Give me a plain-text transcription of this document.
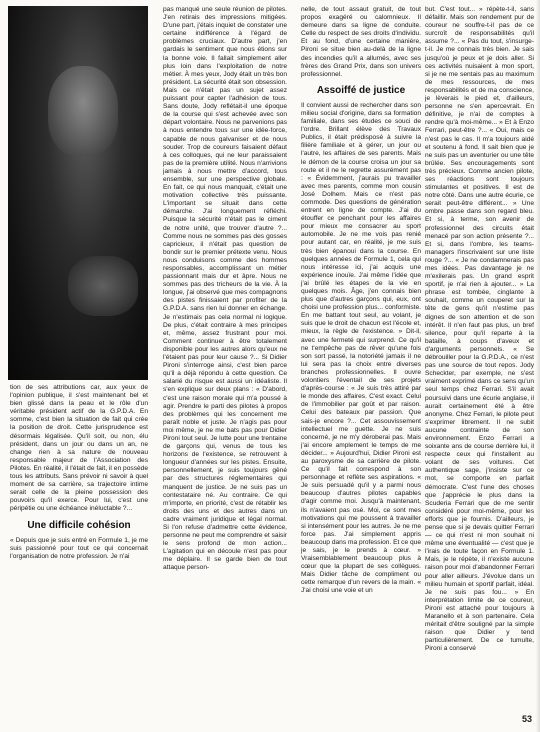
tion de ses attributions car, aux yeux de l'opinion publique, il s'est maintenant bel et bien glissé dans la peau et le rôle d'un véritable président actif de la G.P.D.A. En somme, c'est bien la situation de fait qui crée la position de droit. Cette jurisprudence est désormais légalisée. Qu'il soit, ou non, élu président, dans un jour ou dans un an, ne change rien à sa nature de nouveau responsable majeur de l'Association des Pilotes. En réalité, il l'était de fait, il en possède tous les attributs. Sans prévoir ni savoir à quel moment de sa carrière, sa trajectoire intime serait celle de la pleine possession des pouvoirs qu'il exerce. Pour lui, c'est une péripétie ou une échéance inéluctable ?...

Une difficile cohésion

« Depuis que je suis entré en Formule 1, je me suis passionné pour tout ce qui concernait l'organisation de notre profession. Je n'ai

pas manqué une seule réunion de pilotes. J'en retirais des impressions mitigées. D'une part, j'étais inquiet de constater une certaine indifférence à l'égard de problèmes cruciaux. D'autre part, j'en gardais le sentiment que nous étions sur la bonne voie. Il fallait simplement aller plus loin dans l'exploitation de notre métier. À mes yeux, Jody était un très bon président. La sécurité était son obsession. Mais ce n'était pas un sujet assez puissant pour capter l'adhésion de tous. Sans doute, Jody reflétait-il une époque de la course qui s'est achevée avec son départ volontaire. Nous ne parvenions pas à nous entendre tous sur une idée-force, capable de nous galvaniser et de nous souder. Trop de coureurs faisaient défaut à ces colloques, qui ne leur paraissaient pas de la première utilité. Nous n'arrivions jamais à nous mettre d'accord, tous ensemble, sur une perspective globale. En fait, ce qui nous manquait, c'était une motivation collective très puissante. L'important se situait dans cette démarche. J'ai longuement réfléchi. Puisque la sécurité n'était pas le ciment de notre unité, que trouver d'autre ?... Comme nous ne sommes pas des gosses capricieux, il n'était pas question de bondir sur le premier prétexte venu. Nous nous conduisons comme des hommes responsables, accomplissant un métier passionnant mais dur et âpre. Nous ne sommes pas des tricheurs de la vie. À la longue, j'ai observé que mes compagnons des pistes finissaient par profiter de la G.P.D.A. sans rien lui donner en échange. Je n'estimais pas cela normal ni logique. De plus, c'était contraire à mes principes et, même, assez frustrant pour moi. Comment continuer à être totalement disponible pour les autres alors qu'eux ne l'étaient pas pour leur cause ?... Si Didier Pironi s'interroge ainsi, c'est bien parce qu'il a déjà répondu à cette question. Ce salarié du risque est aussi un idéaliste. Il s'en explique sur deux plans : « D'abord, c'est une raison morale qui m'a poussé à agir. Prendre le parti des pilotes à propos des problèmes qui les concernent me paraît noble et juste. Je n'agis pas pour moi même, je ne me bats pas pour Didier Pironi tout seul. Je lutte pour une trentaine de garçons qui, venus de tous les horizons de l'existence, se retrouvent à longueur d'années sur les pistes. Ensuite, personnellement, je suis toujours gêné par des structures réglementaires qui manquent de justice. Je ne suis pas un contestataire né. Au contraire. Ce qui m'importe, en priorité, c'est de rétablir les droits des uns et des autres dans un cadre vraiment juridique et légal normal. Si l'on refuse d'admettre cette évidence, personne ne peut me comprendre et saisir le sens profond de mon action... L'agitation qui en découle n'est pas pour me déplaire. Il se garde bien de tout attaque person-

nelle, de tout assaut gratuit, de tout propos exagéré ou calomnieux. Il demeure dans sa ligne de conduite. Celle du respect de ses droits d'individu. Et au fond, d'une certaine manière, Pironi se situe bien au-delà de la ligne des incendies qu'il a allumés, avec ses frères des Grand Prix, dans son univers professionnel.

Assoiffé de justice

Il convient aussi de rechercher dans son milieu social d'origine, dans sa formation familiale, dans ses études ce souci de l'ordre. Brillant élève des Travaux Publics, il était prédisposé à suivre la filière familiale et à gérer, un jour ou l'autre, les affaires de ses parents. Mais le démon de la course croisa un jour sa route et il ne le regrette assurément pas : « Évidemment, j'aurais pu travailler avec mes parents, comme mon cousin José Dolhem. Mais ce n'est pas commode. Des questions de génération entrent en ligne de compte. J'ai du étouffer ce penchant pour les affaires pour mieux me consacrer au sport automobile. Je ne me vois pas renié pour autant car, en réalité, je me suis très bien épanoui dans la course. En quelques années de Formule 1, cela qui nous intéresse ici, j'ai acquis une expérience inouïe. J'ai même l'idée que j'ai brûlé les étapes de la vie en quelques mois. Âge, j'en connais bien plus que d'autres garçons qui, eux, ont choisi une profession plus... conformiste. En me battant tout seul, au volant, je suis que le droit de chacun est l'école et, mieux, la règle de l'existence. » Dit-il, avec une fermeté qui surprend. Ce qu'il ne t'empêche pas de rêver qu'une fois son sort passé, la notoriété jamais il ne lui sera pas la choix entre diverses branches professionnelles. Il ouvre volontiers l'éventail de ses projets d'après-course : « Je suis très attiré par le monde des affaires. C'est exact. Celui de l'immobilier par goût et par raison. Celui des bateaux par passion. Que sais-je encore ?... Cet assouvissement intellectuel me guette. Je ne suis concerné, je ne m'y déroberai pas. Mais j'ai encore amplement le temps de me décider... » Aujourd'hui, Didier Pironi est au paroxysme de sa carrière de pilote. Ce qu'il fait correspond à son personnage et reflète ses aspirations. « Je suis persuadé qu'il y a parmi nous beaucoup d'autres pilotes capables d'agir comme moi. Jusqu'à maintenant, ils n'avaient pas osé. Moi, ce sont mes motivations qui me poussent à travailler si intensément pour les autres. Je ne me force pas. J'ai simplement appris beaucoup dans ma profession. Et ce que je sais, je le prends à cœur. » Vraisemblablement beaucoup plus à cœur que la plupart de ses collègues. Mais Didier tâche de compliment ou cette remarque d'un revers de la main. « J'ai choisi une voie et un

but. C'est tout... » répète-t-il, sans défaillir. Mais son rendement pur de coureur ne souffre-t-il pas de ce surcroît de responsabilités qu'il assume ?... « Pas du tout, s'insurge-t-il. Je me connais très bien. Je sais jusqu'où je peux et je dois aller. Si ces activités nuisaient à mon sport, si je ne me sentais pas au maximum de mes ressources, de mes responsabilités et de ma conscience, je lèverais le pied et, d'ailleurs, personne ne s'en apercevrait. En définitive, je n'ai de comptes à rendre qu'à moi-même... » Et à Enzo Ferrari, peut-être ?... « Oui, mais ce n'est pas le cas. Il m'a toujours aidé et soutenu à fond. Il sait bien que je ne suis pas un aventurier ou une tête brûlée. Ses encouragements sont très précieux. Comme ancien pilote, ses réactions sont toujours stimulantes et positives. Il est de notre côté. Dans une autre écurie, ce serait peut-être différent... » Une ombre passe dans son regard bleu. Et si, à terme, son avenir de professionnel des circuits était menacé par son action présente ?... Et si, dans l'ombre, les teams-managers l'inscrivaient sur une liste rouge ?... « Je ne condamnerais pas mes idées. Pas davantage je ne m'exilerais pas. Un grand esprit sportif, je n'ai rien à ajouter... » La phrase est tombée, cinglante à souhait, comme un couperet sur la tête de gens qu'il n'estime pas dignes de son attention et de son intérêt. Il n'en faut pas plus, un bref silence, pour qu'il reparte à la bataille, à coups d'aveux et d'arguments personnels. « Se débrouiller pour la G.P.D.A., ce n'est pas une source de tout repos. Jody Scheckter, par exemple, ne s'est vraiment exprimé dans ce sens qu'un seul temps chez Ferrari. S'il avait poursuivi dans une écurie anglaise, il aurait certainement été à être anonyme. Chez Ferrari, le pilote peut s'exprimer librement. Il ne subit aucune contrainte de son environnement. Enzo Ferrari a soixante ans de course derrière lui, il respecte ceux qui l'installent au volant de ses voitures. Cet authentique sage, j'insiste sur ce mot, se comporte en parfait démocrate. C'est l'une des choses que j'apprécie le plus dans la Scuderia Ferrari que de me sentir considéré pour moi-même, pour les efforts que je fournis. D'ailleurs, je pense que si je devais quitter Ferrari — ce qui n'est ni mon souhait ni même une éventualité — c'est que je l'irais de toute façon en Formule 1. Mais, je le répète, il n'existe aucune raison pour moi d'abandonner Ferrari pour aller ailleurs. J'évolue dans un milieu humain et sportif parfait, idéal. Je ne suis pas fou... » En interprétation limite de ce coureur, Pironi est attaché pour toujours à Maranello et à son partenaire. Cela méritait d'être souligné par la simple raison que Didier y tend particulièrement. De ce tumulte, Pironi a conservé

53
